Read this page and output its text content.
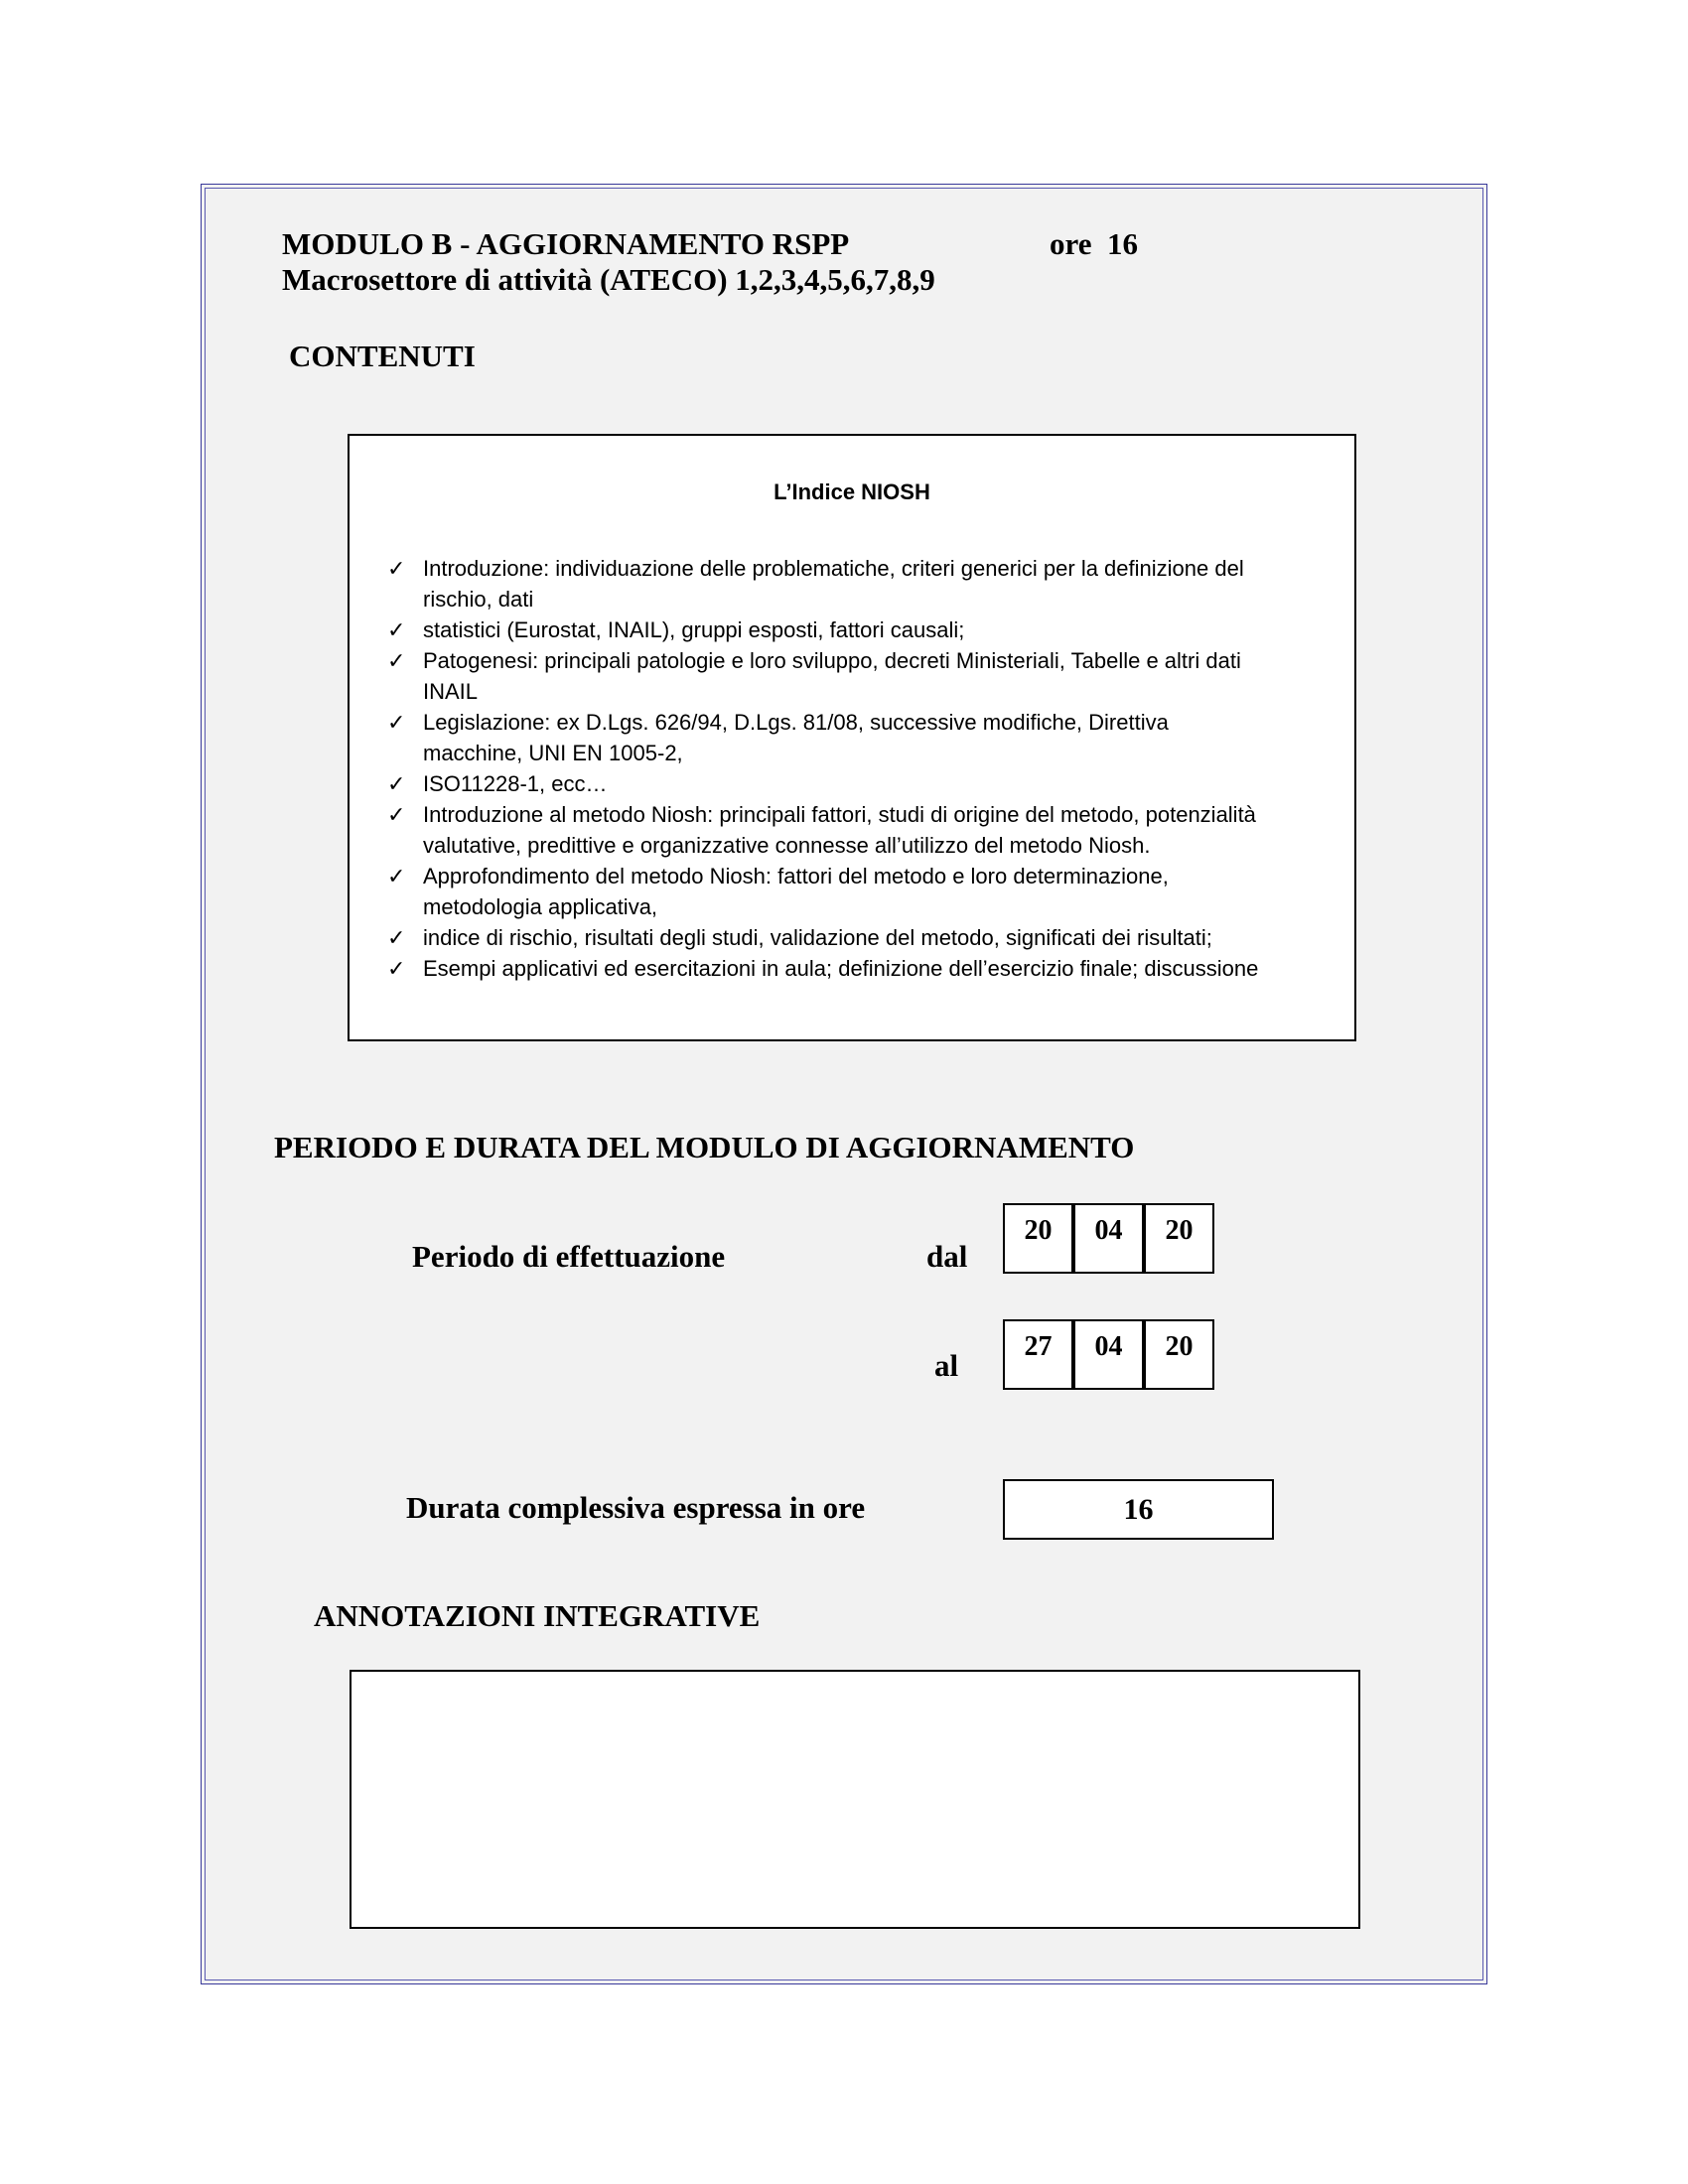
MODULO B - AGGIORNAMENTO RSPP	ore  16
Macrosettore di attività (ATECO) 1,2,3,4,5,6,7,8,9
CONTENUTI
L’Indice NIOSH
✓ Introduzione: individuazione delle problematiche, criteri generici per la definizione del
rischio, dati
✓ statistici (Eurostat, INAIL), gruppi esposti, fattori causali;
✓ Patogenesi: principali patologie e loro sviluppo, decreti Ministeriali, Tabelle e altri dati
INAIL
✓ Legislazione: ex D.Lgs. 626/94, D.Lgs. 81/08, successive modifiche, Direttiva
macchine, UNI EN 1005-2,
✓ ISO11228-1, ecc…
✓ Introduzione al metodo Niosh: principali fattori, studi di origine del metodo, potenzialità
valutative, predittive e organizzative connesse all’utilizzo del metodo Niosh.
✓ Approfondimento del metodo Niosh: fattori del metodo e loro determinazione,
metodologia applicativa,
✓ indice di rischio, risultati degli studi, validazione del metodo, significati dei risultati;
✓ Esempi applicativi ed esercitazioni in aula; definizione dell’esercizio finale; discussione
PERIODO E DURATA DEL MODULO DI AGGIORNAMENTO
Periodo di effettuazione	dal
20	04	20
al
27	04	20
Durata complessiva espressa in ore	16
ANNOTAZIONI INTEGRATIVE
